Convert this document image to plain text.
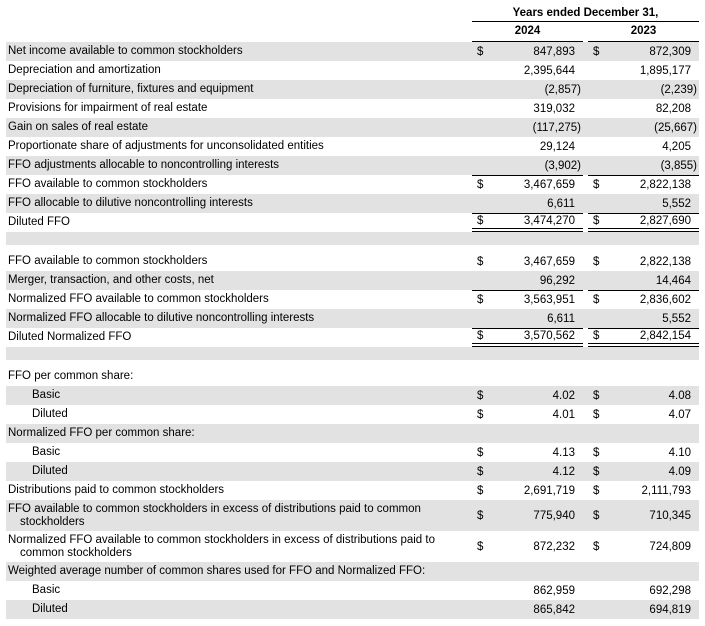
Years ended December 31,
2024	2023
Net income available to common stockholders	$	847,893 $	872,309
Depreciation and amortization	2,395,644	1,895,177
Depreciation of furniture, fixtures and equipment	(2,857)	(2,239)
Provisions for impairment of real estate	319,032	82,208
Gain on sales of real estate	(117,275)	(25,667)
Proportionate share of adjustments for unconsolidated entities	29,124	4,205
FFO adjustments allocable to noncontrolling interests	(3,902)	(3,855)
FFO available to common stockholders	$	3,467,659 $	2,822,138
FFO allocable to dilutive noncontrolling interests	6,611	5,552
Diluted FFO	$	3,474,270 $	2,827,690
FFO available to common stockholders	$	3,467,659 $	2,822,138
Merger, transaction, and other costs, net	96,292	14,464
Normalized FFO available to common stockholders	$	3,563,951 $	2,836,602
Normalized FFO allocable to dilutive noncontrolling interests	6,611	5,552
Diluted Normalized FFO	$	3,570,562 $	2,842,154
FFO per common share:
Basic	$	4.02 $	4.08
Diluted	$	4.01 $	4.07
Normalized FFO per common share:
Basic	$	4.13 $	4.10
Diluted	$	4.12 $	4.09
Distributions paid to common stockholders	$	2,691,719 $	2,111,793
FFO available to common stockholders in excess of distributions paid to common stockholders	$	775,940 $	710,345
Normalized FFO available to common stockholders in excess of distributions paid to common stockholders	$	872,232 $	724,809
Weighted average number of common shares used for FFO and Normalized FFO:
Basic	862,959	692,298
Diluted	865,842	694,819
